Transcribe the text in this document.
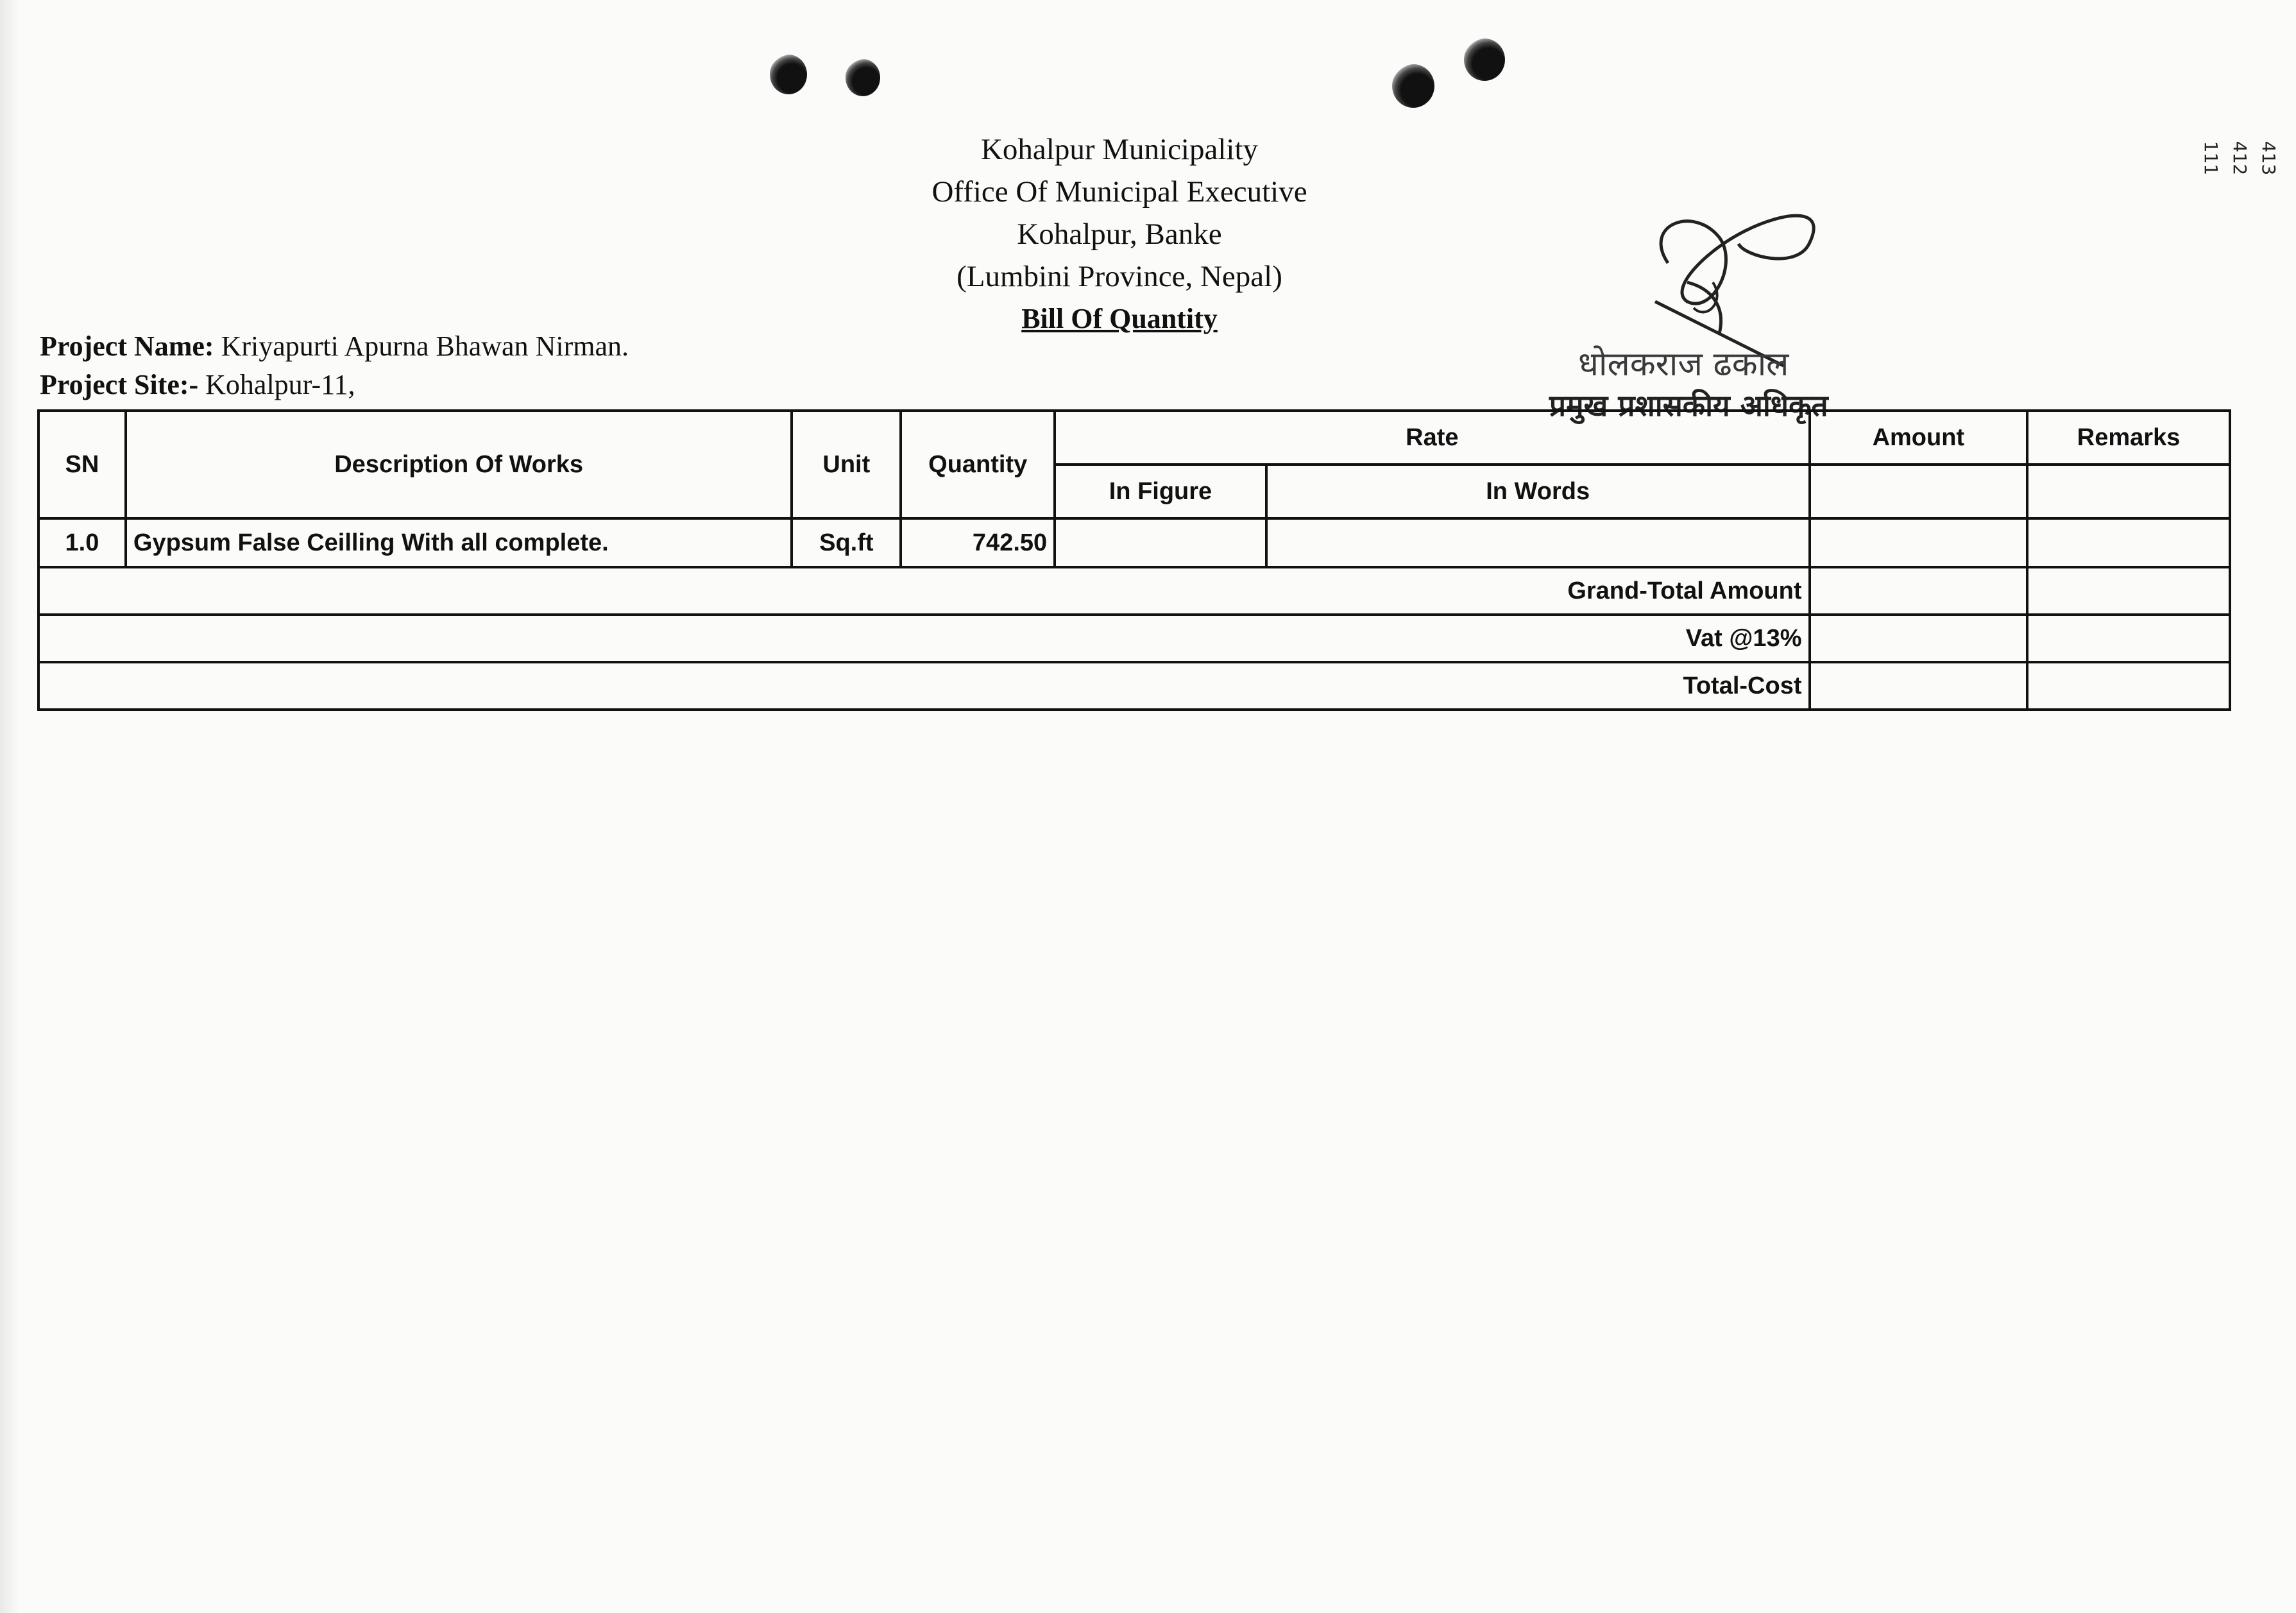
111 412 413
Kohalpur Municipality
Office Of Municipal Executive
Kohalpur, Banke
(Lumbini Province, Nepal)
Bill Of Quantity
Project Name: Kriyapurti Apurna Bhawan Nirman.
Project Site:- Kohalpur-11,
धोलकराज ढकाल
प्रमुख प्रशासकीय अधिकृत
SN	Description Of Works	Unit	Quantity	Rate		Amount	Remarks
				In Figure	In Words		
1.0	Gypsum False Ceilling With all complete.	Sq.ft	742.50				
Grand-Total Amount							
Vat @13%							
Total-Cost							
